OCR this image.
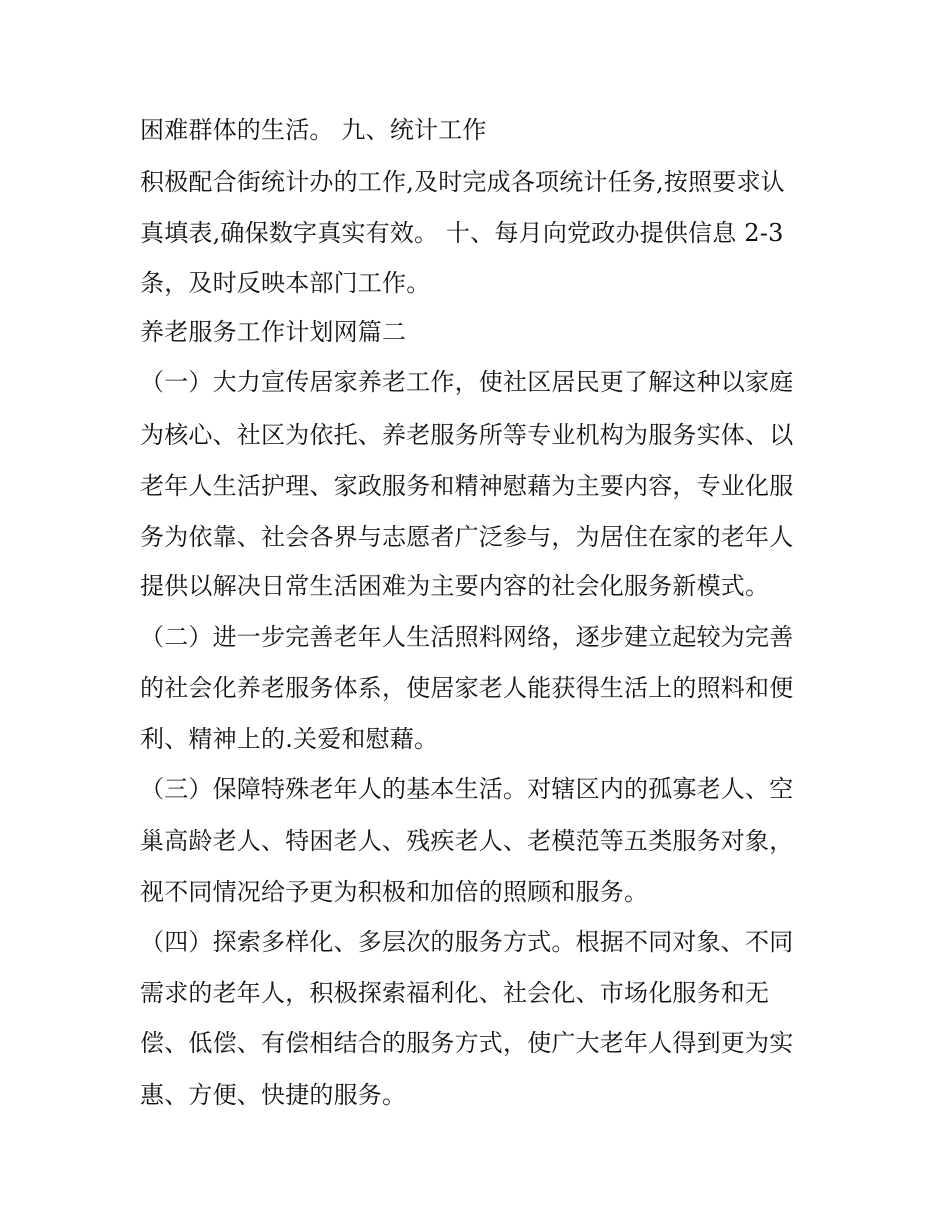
困难群体的生活。 九、统计工作
积极配合街统计办的工作,及时完成各项统计任务,按照要求认
真填表,确保数字真实有效。 十、每月向党政办提供信息 2-3
条，及时反映本部门工作。
养老服务工作计划网篇二
（一）大力宣传居家养老工作，使社区居民更了解这种以家庭
为核心、社区为依托、养老服务所等专业机构为服务实体、以
老年人生活护理、家政服务和精神慰藉为主要内容，专业化服
务为依靠、社会各界与志愿者广泛参与，为居住在家的老年人
提供以解决日常生活困难为主要内容的社会化服务新模式。
（二）进一步完善老年人生活照料网络，逐步建立起较为完善
的社会化养老服务体系，使居家老人能获得生活上的照料和便
利、精神上的.关爱和慰藉。
（三）保障特殊老年人的基本生活。对辖区内的孤寡老人、空
巢高龄老人、特困老人、残疾老人、老模范等五类服务对象，
视不同情况给予更为积极和加倍的照顾和服务。
（四）探索多样化、多层次的服务方式。根据不同对象、不同
需求的老年人，积极探索福利化、社会化、市场化服务和无
偿、低偿、有偿相结合的服务方式，使广大老年人得到更为实
惠、方便、快捷的服务。
